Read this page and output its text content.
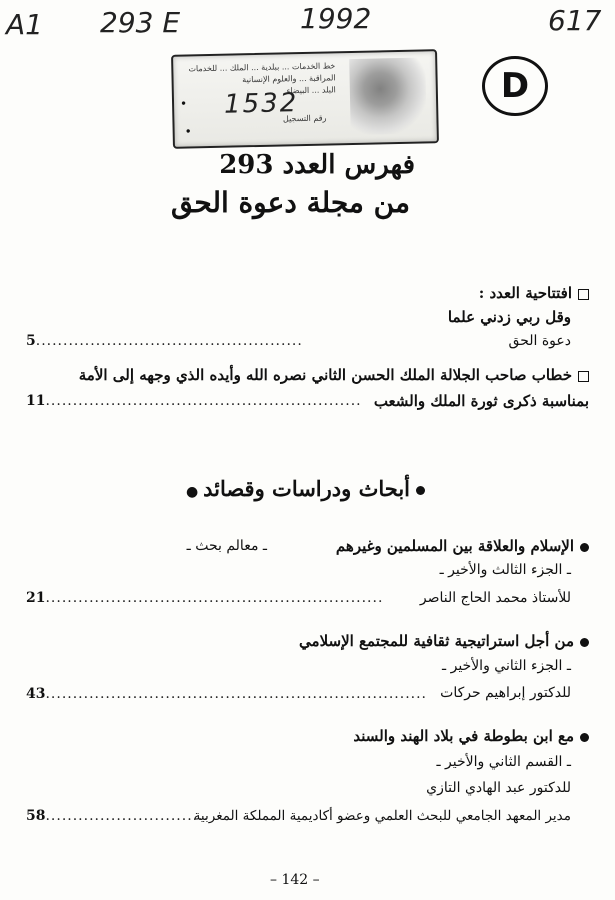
A1 293 E	1992	617
خط الخدمات ... ببلدية ... الملك ... للخدمات
المراقبة ... والعلوم الإنسانية
البلد ... البيضاء
رقم التسجيل
1532
•
•
D
فهرس العدد 293
من مجلة دعوة الحق
افتتاحية العدد :
وقل ربي زدني علما
دعوة الحق
5.................................................
خطاب صاحب الجلالة الملك الحسن الثاني نصره الله وأيده الذي وجهه إلى الأمة
بمناسبة ذكرى ثورة الملك والشعب
11..........................................................
أبحاث ودراسات وقصائد ●
الإسلام والعلاقة بين المسلمين وغيرهم
ـ معالم بحث ـ
ـ الجزء الثالث والأخير ـ
للأستاذ محمد الحاج الناصر
21..............................................................
من أجل استراتيجية ثقافية للمجتمع الإسلامي
ـ الجزء الثاني والأخير ـ
للدكتور إبراهيم حركات
43......................................................................
مع ابن بطوطة في بلاد الهند والسند
ـ القسم الثاني والأخير ـ
للدكتور عبد الهادي التازي
مدير المعهد الجامعي للبحث العلمي وعضو أكاديمية المملكة المغربية
58..............................
– 142 –
